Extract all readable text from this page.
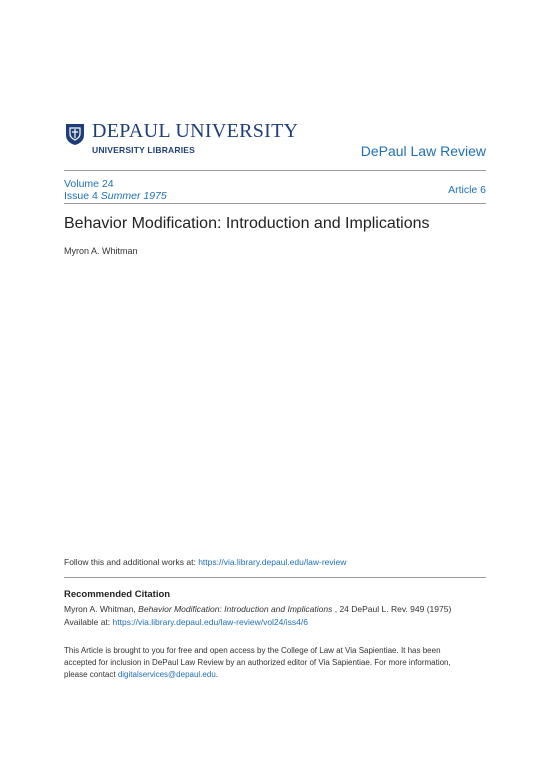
DEPAUL UNIVERSITY
UNIVERSITY LIBRARIES	DePaul Law Review
Volume 24
Issue 4 Summer 1975	Article 6
Behavior Modification: Introduction and Implications
Myron A. Whitman
Follow this and additional works at: https://via.library.depaul.edu/law-review
Recommended Citation
Myron A. Whitman, Behavior Modification: Introduction and Implications , 24 DePaul L. Rev. 949 (1975)
Available at: https://via.library.depaul.edu/law-review/vol24/iss4/6
This Article is brought to you for free and open access by the College of Law at Via Sapientiae. It has been
accepted for inclusion in DePaul Law Review by an authorized editor of Via Sapientiae. For more information,
please contact digitalservices@depaul.edu.
